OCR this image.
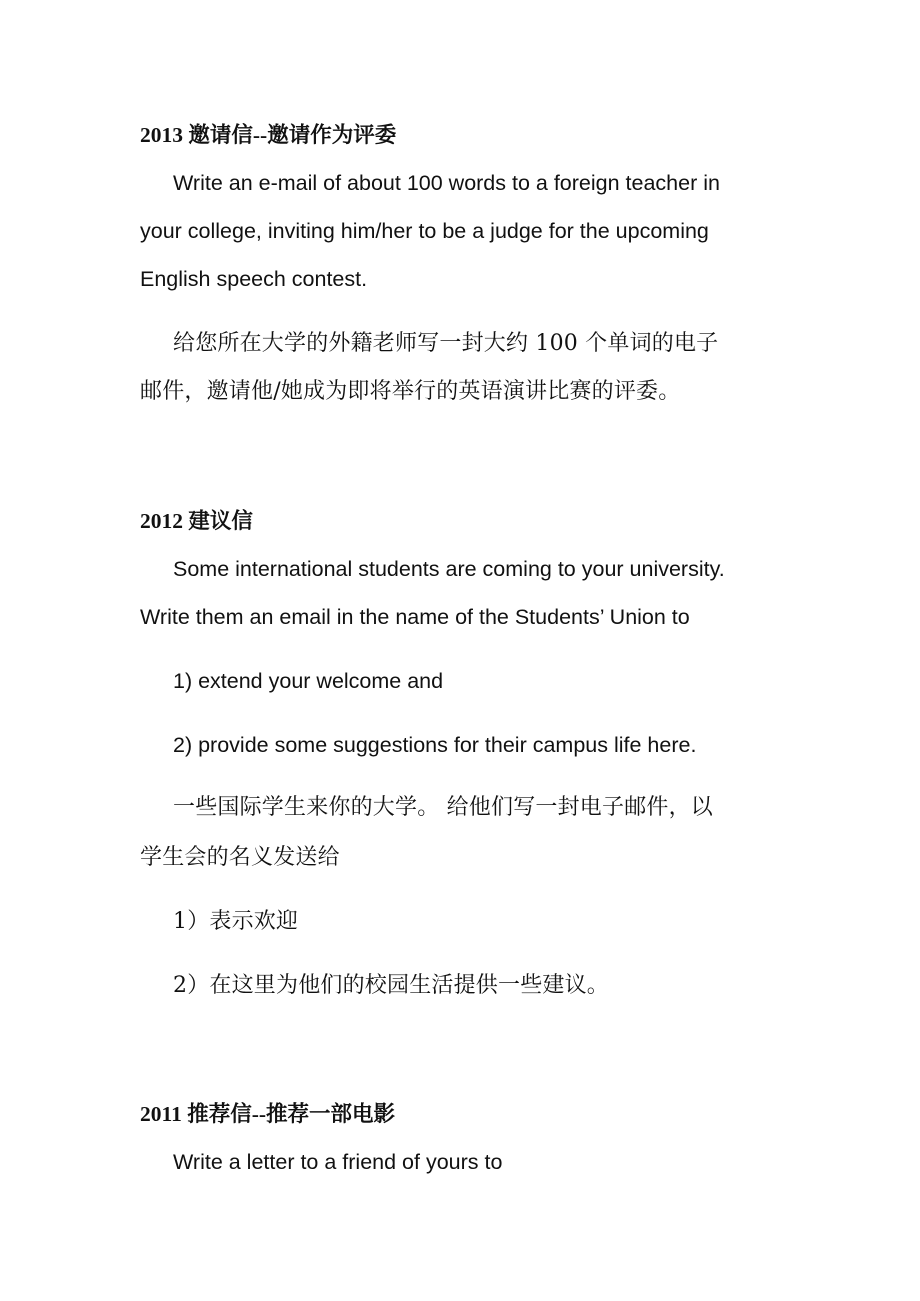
2013 邀请信--邀请作为评委
Write an e-mail of about 100 words to a foreign teacher in
your college, inviting him/her to be a judge for the upcoming
English speech contest.
给您所在大学的外籍老师写一封大约 100 个单词的电子
邮件，邀请他/她成为即将举行的英语演讲比赛的评委。
2012 建议信
Some international students are coming to your university.
Write them an email in the name of the Students’ Union to
1) extend your welcome and
2) provide some suggestions for their campus life here.
一些国际学生来你的大学。 给他们写一封电子邮件，以
学生会的名义发送给
1）表示欢迎
2）在这里为他们的校园生活提供一些建议。
2011 推荐信--推荐一部电影
Write a letter to a friend of yours to
